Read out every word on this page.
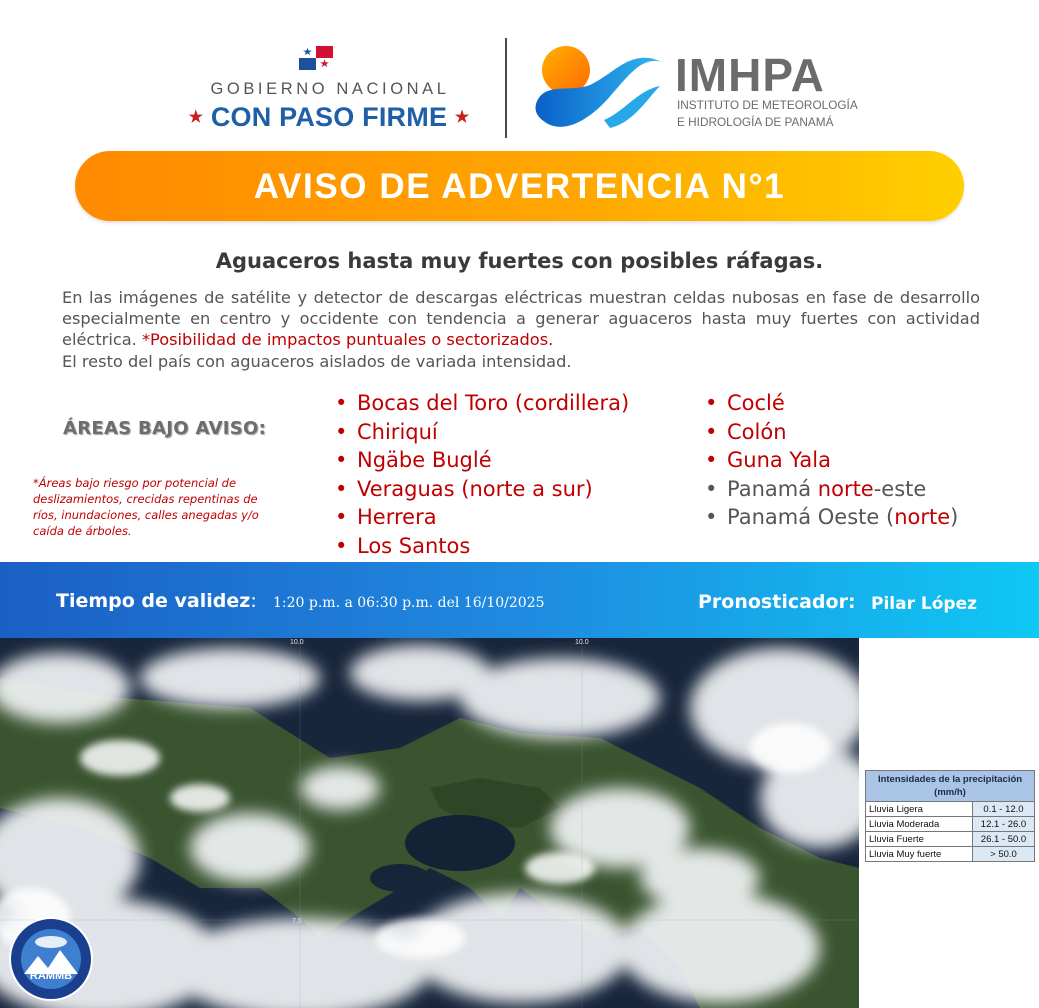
GOBIERNO NACIONAL
★ CON PASO FIRME ★
IMHPA
INSTITUTO DE METEOROLOGÍA
E HIDROLOGÍA DE PANAMÁ
AVISO DE ADVERTENCIA N°1
Aguaceros hasta muy fuertes con posibles ráfagas.
En las imágenes de satélite y detector de descargas eléctricas muestran celdas nubosas en fase de desarrollo especialmente en centro y occidente con tendencia a generar aguaceros hasta muy fuertes con actividad eléctrica. *Posibilidad de impactos puntuales o sectorizados.
El resto del país con aguaceros aislados de variada intensidad.
ÁREAS BAJO AVISO:
*Áreas bajo riesgo por potencial de deslizamientos, crecidas repentinas de ríos, inundaciones, calles anegadas y/o caída de árboles.
• Bocas del Toro (cordillera)
• Chiriquí
• Ngäbe Buglé
• Veraguas (norte a sur)
• Herrera
• Los Santos
• Coclé
• Colón
• Guna Yala
• Panamá norte-este
• Panamá Oeste (norte)
Tiempo de validez: 1:20 p.m. a 06:30 p.m. del 16/10/2025	Pronosticador: Pilar López
10.0	10.0
7.5	7.5
RAMMB
Intensidades de la precipitación (mm/h)	
Lluvia Ligera	0.1 - 12.0
Lluvia Moderada	12.1 - 26.0
Lluvia Fuerte	26.1 - 50.0
Lluvia Muy fuerte	> 50.0
